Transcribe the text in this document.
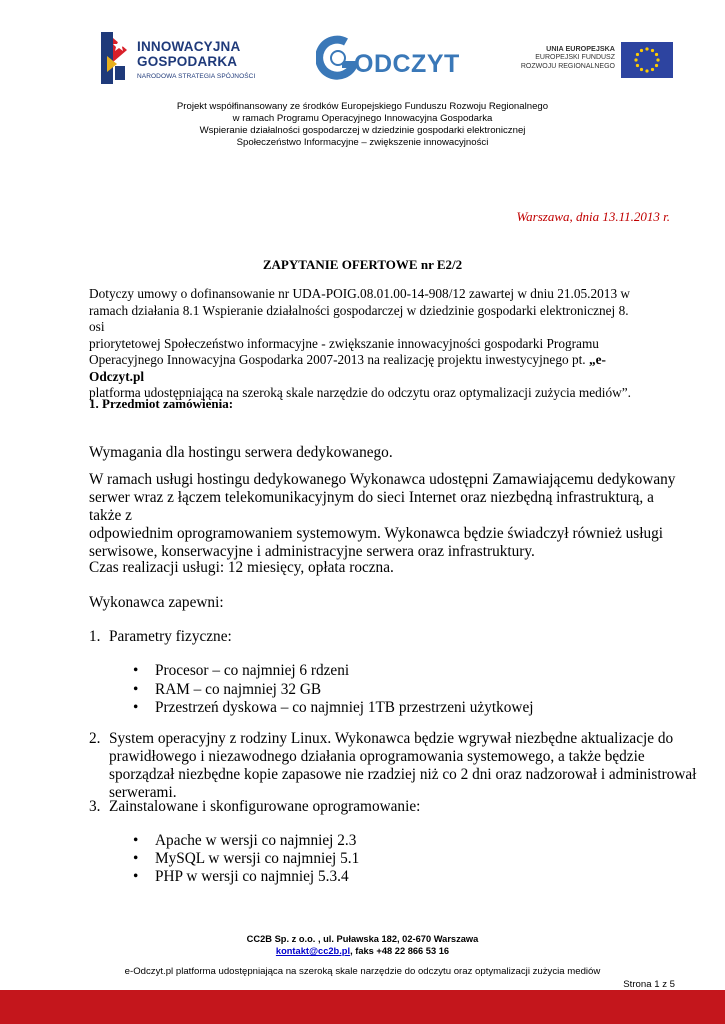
INNOWACYJNA
GOSPODARKA
NARODOWA STRATEGIA SPÓJNOŚCI	ODCZYT
UNIA EUROPEJSKA
EUROPEJSKI FUNDUSZ
ROZWOJU REGIONALNEGO
Projekt współfinansowany ze środków Europejskiego Funduszu Rozwoju Regionalnego
w ramach Programu Operacyjnego Innowacyjna Gospodarka
Wspieranie działalności gospodarczej w dziedzinie gospodarki elektronicznej
Społeczeństwo Informacyjne – zwiększenie innowacyjności
Warszawa, dnia 13.11.2013 r.
ZAPYTANIE OFERTOWE nr E2/2
Dotyczy umowy o dofinansowanie nr UDA-POIG.08.01.00-14-908/12 zawartej w dniu 21.05.2013 w
ramach działania 8.1 Wspieranie działalności gospodarczej w dziedzinie gospodarki elektronicznej 8. osi
priorytetowej Społeczeństwo informacyjne - zwiększanie innowacyjności gospodarki Programu
Operacyjnego Innowacyjna Gospodarka 2007-2013 na realizację projektu inwestycyjnego pt. „e-Odczyt.pl
platforma udostępniająca na szeroką skale narzędzie do odczytu oraz optymalizacji zużycia mediów”.
1. Przedmiot zamówienia:
Wymagania dla hostingu serwera dedykowanego.
W ramach usługi hostingu dedykowanego Wykonawca udostępni Zamawiającemu dedykowany
serwer wraz z łączem telekomunikacyjnym do sieci Internet oraz niezbędną infrastrukturą, a także z
odpowiednim oprogramowaniem systemowym. Wykonawca będzie świadczył również usługi
serwisowe, konserwacyjne i administracyjne serwera oraz infrastruktury.
Czas realizacji usługi: 12 miesięcy, opłata roczna.
Wykonawca zapewni:
1. Parametry fizyczne:
• Procesor – co najmniej 6 rdzeni
• RAM – co najmniej 32 GB
• Przestrzeń dyskowa – co najmniej 1TB przestrzeni użytkowej
2. System operacyjny z rodziny Linux. Wykonawca będzie wgrywał niezbędne aktualizacje do
prawidłowego i niezawodnego działania oprogramowania systemowego, a także będzie
sporządzał niezbędne kopie zapasowe nie rzadziej niż co 2 dni oraz nadzorował i administrował
serwerami.
3. Zainstalowane i skonfigurowane oprogramowanie:
• Apache w wersji co najmniej 2.3
• MySQL w wersji co najmniej 5.1
• PHP w wersji co najmniej 5.3.4
CC2B Sp. z o.o. , ul. Puławska 182, 02-670 Warszawa
kontakt@cc2b.pl, faks +48 22 866 53 16
e-Odczyt.pl platforma udostępniająca na szeroką skale narzędzie do odczytu oraz optymalizacji zużycia mediów
Strona 1 z 5
